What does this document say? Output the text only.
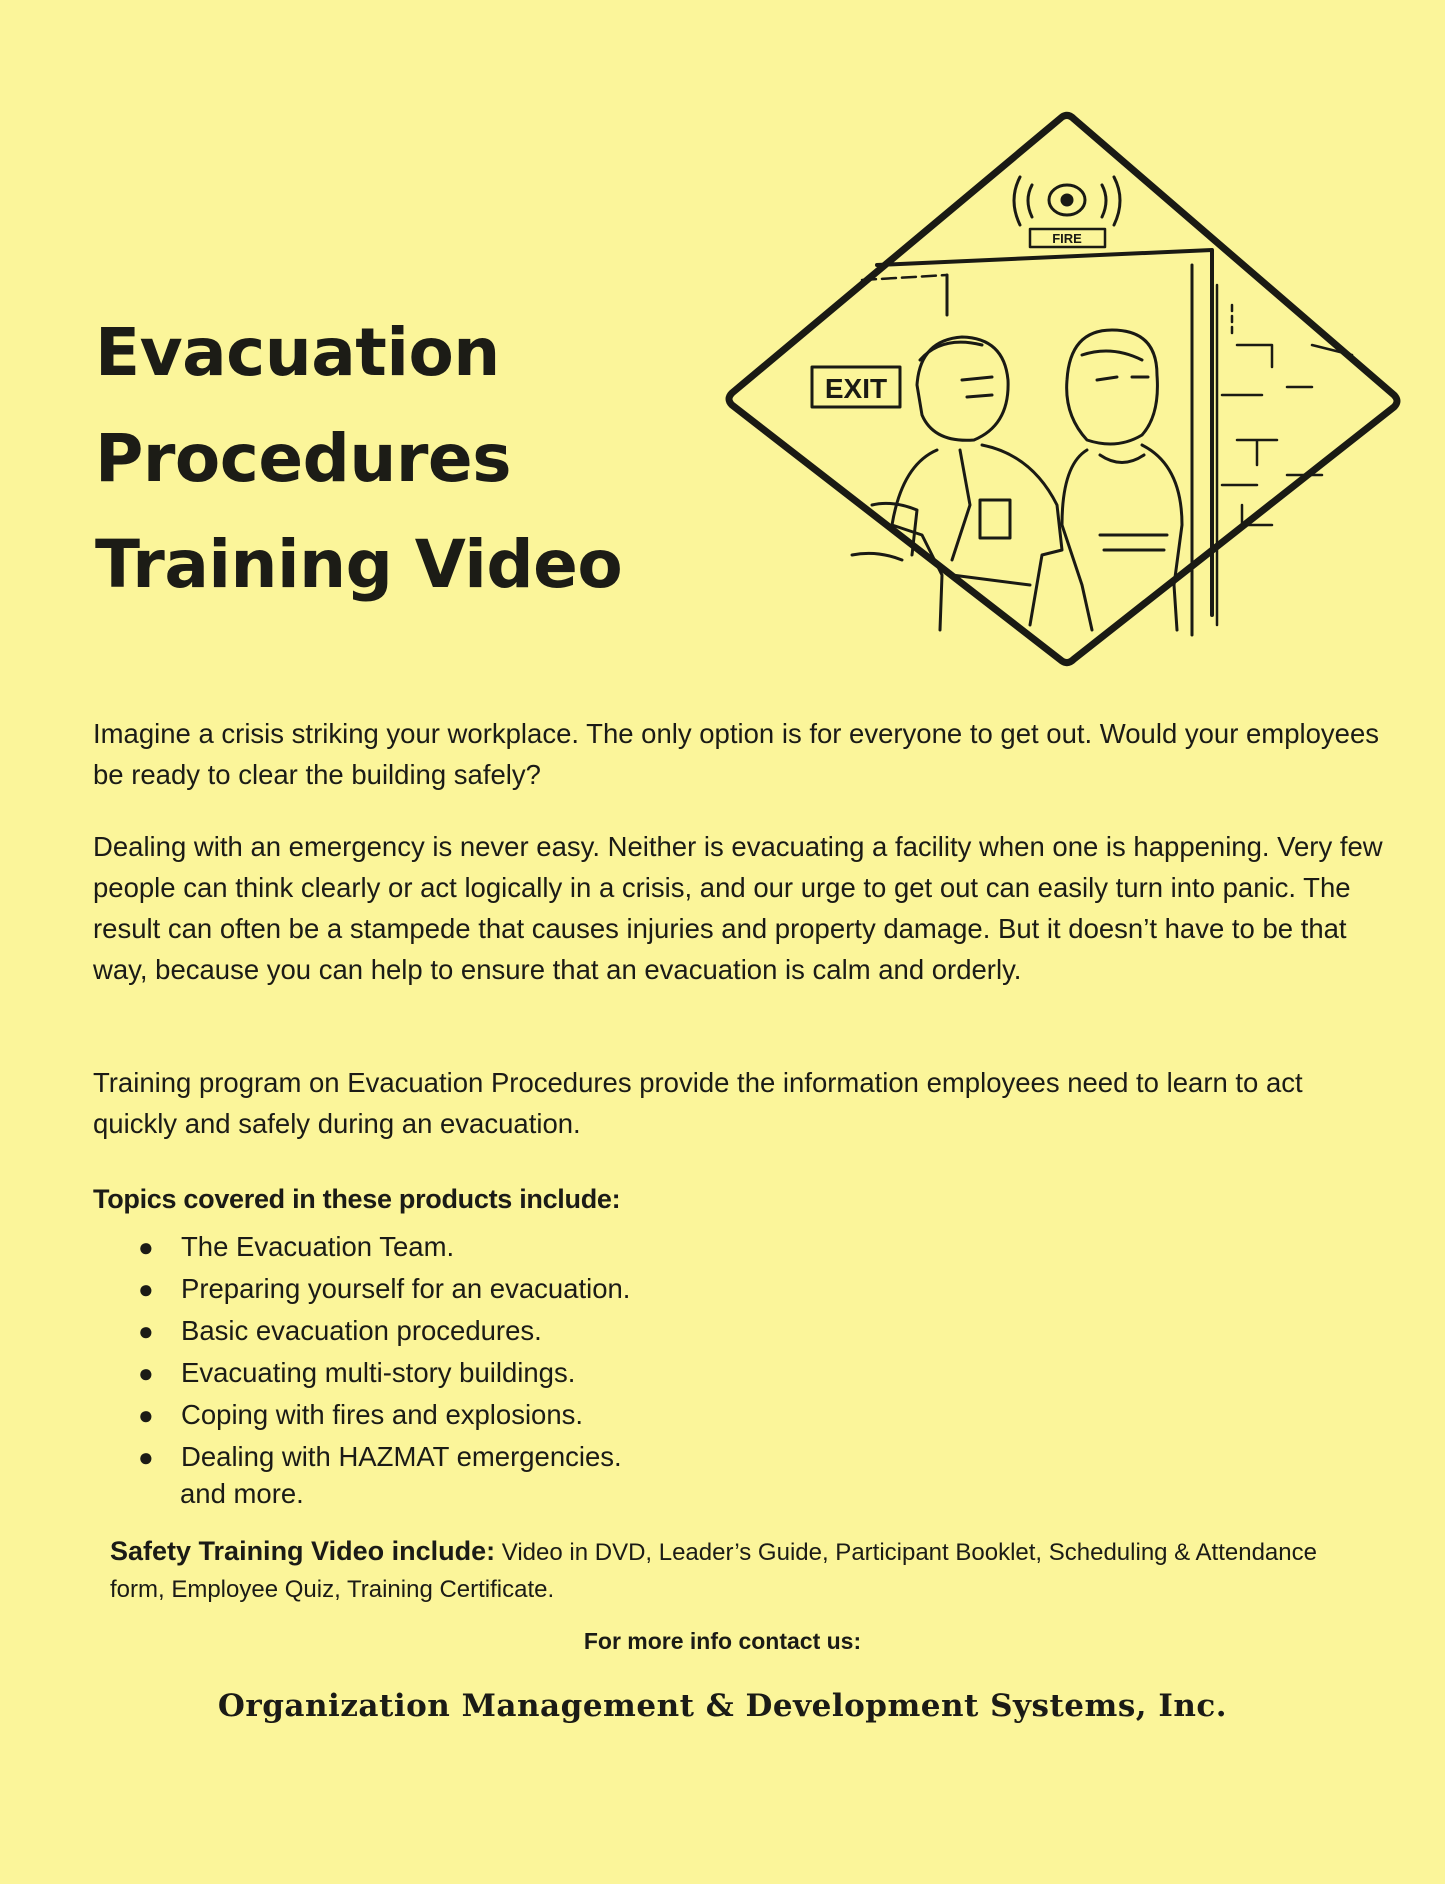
Evacuation
Procedures
Training Video
FIRE
EXIT

Imagine a crisis striking your workplace. The only option is for everyone to get out. Would your employees be ready to clear the building safely?

Dealing with an emergency is never easy. Neither is evacuating a facility when one is happening. Very few people can think clearly or act logically in a crisis, and our urge to get out can easily turn into panic. The result can often be a stampede that causes injuries and property damage. But it doesn’t have to be that way, because you can help to ensure that an evacuation is calm and orderly.

Training program on Evacuation Procedures provide the information employees need to learn to act quickly and safely during an evacuation.

Topics covered in these products include:
● The Evacuation Team.
● Preparing yourself for an evacuation.
● Basic evacuation procedures.
● Evacuating multi-story buildings.
● Coping with fires and explosions.
● Dealing with HAZMAT emergencies.
and more.

Safety Training Video include: Video in DVD, Leader’s Guide, Participant Booklet, Scheduling & Attendance form, Employee Quiz, Training Certificate.

For more info contact us:

Organization Management & Development Systems, Inc.
